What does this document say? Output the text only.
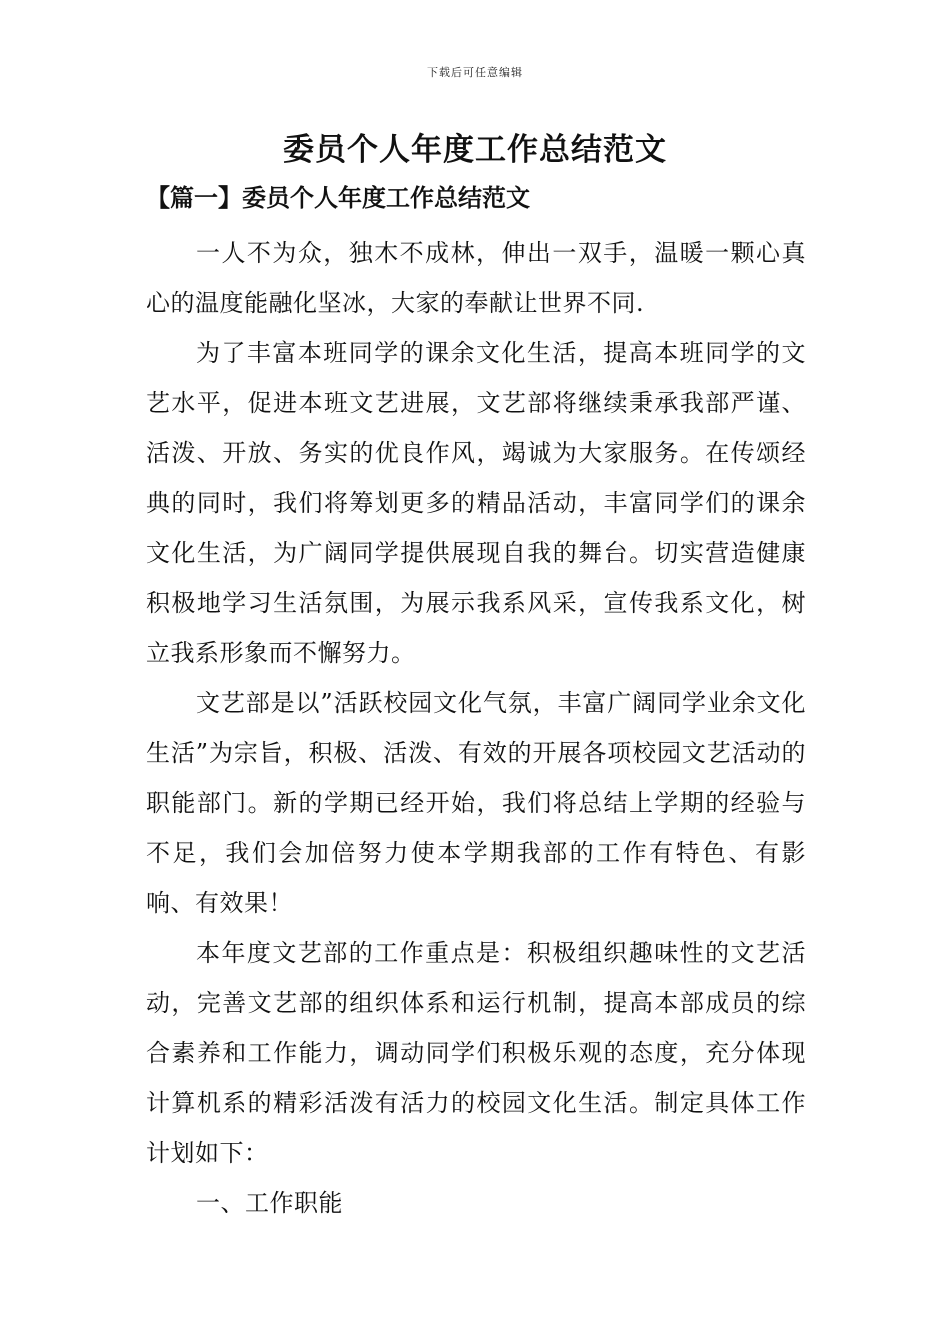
下载后可任意编辑
委员个人年度工作总结范文
【篇一】委员个人年度工作总结范文

一人不为众，独木不成林，伸出一双手，温暖一颗心真心的温度能融化坚冰，大家的奉献让世界不同.

为了丰富本班同学的课余文化生活，提高本班同学的文艺水平，促进本班文艺进展，文艺部将继续秉承我部严谨、活泼、开放、务实的优良作风，竭诚为大家服务。在传颂经典的同时，我们将筹划更多的精品活动，丰富同学们的课余文化生活，为广阔同学提供展现自我的舞台。切实营造健康积极地学习生活氛围，为展示我系风采，宣传我系文化，树立我系形象而不懈努力。

文艺部是以”活跃校园文化气氛，丰富广阔同学业余文化生活”为宗旨，积极、活泼、有效的开展各项校园文艺活动的职能部门。新的学期已经开始，我们将总结上学期的经验与不足，我们会加倍努力使本学期我部的工作有特色、有影响、有效果！

本年度文艺部的工作重点是：积极组织趣味性的文艺活动，完善文艺部的组织体系和运行机制，提高本部成员的综合素养和工作能力，调动同学们积极乐观的态度，充分体现计算机系的精彩活泼有活力的校园文化生活。制定具体工作计划如下：

一、工作职能
